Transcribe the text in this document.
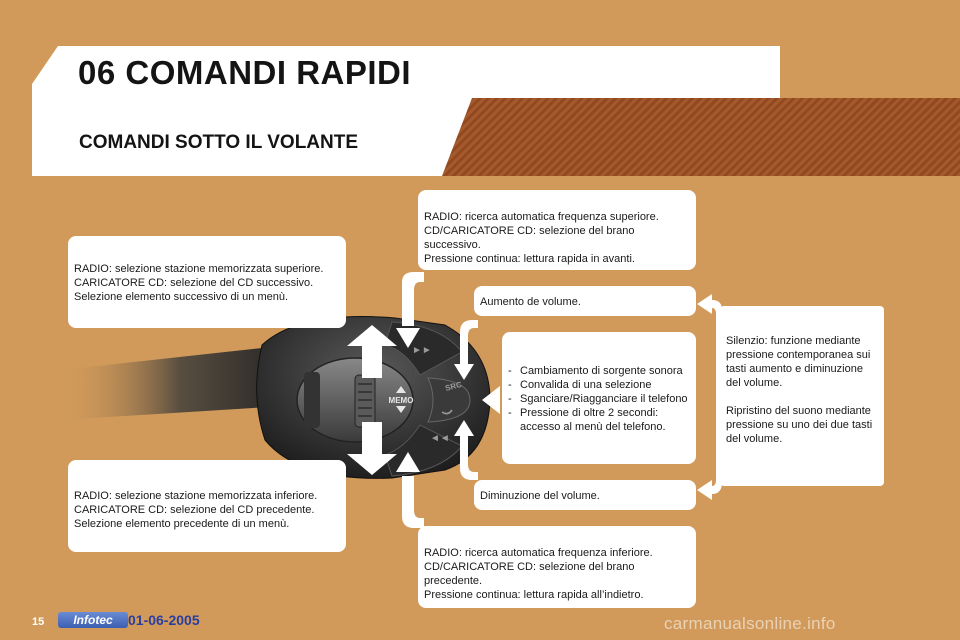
06 COMANDI RAPIDI
COMANDI SOTTO IL VOLANTE
MEMO
►►
SRC
◄◄

RADIO: selezione stazione memorizzata superiore.

CARICATORE CD: selezione del CD successivo.

Selezione elemento successivo di un menù.

RADIO: selezione stazione memorizzata inferiore.

CARICATORE CD: selezione del CD precedente.

Selezione elemento precedente di un menù.

RADIO: ricerca automatica frequenza superiore.

CD/CARICATORE CD: selezione del brano successivo.

Pressione continua: lettura rapida in avanti.

Aumento de volume.

- Cambiamento di sorgente sonora
- Convalida di una selezione
- Sganciare/Riagganciare il telefono
- Pressione di oltre 2 secondi: accesso al menù del telefono.

Diminuzione del volume.

RADIO: ricerca automatica frequenza inferiore.

CD/CARICATORE CD: selezione del brano precedente.

Pressione continua: lettura rapida all’indietro.

Silenzio: funzione mediante pressione contemporanea sui tasti aumento e diminuzione del volume.

Ripristino del suono mediante pressione su uno dei due tasti del volume.

15	Infotec	01-06-2005	carmanualsonline.info
